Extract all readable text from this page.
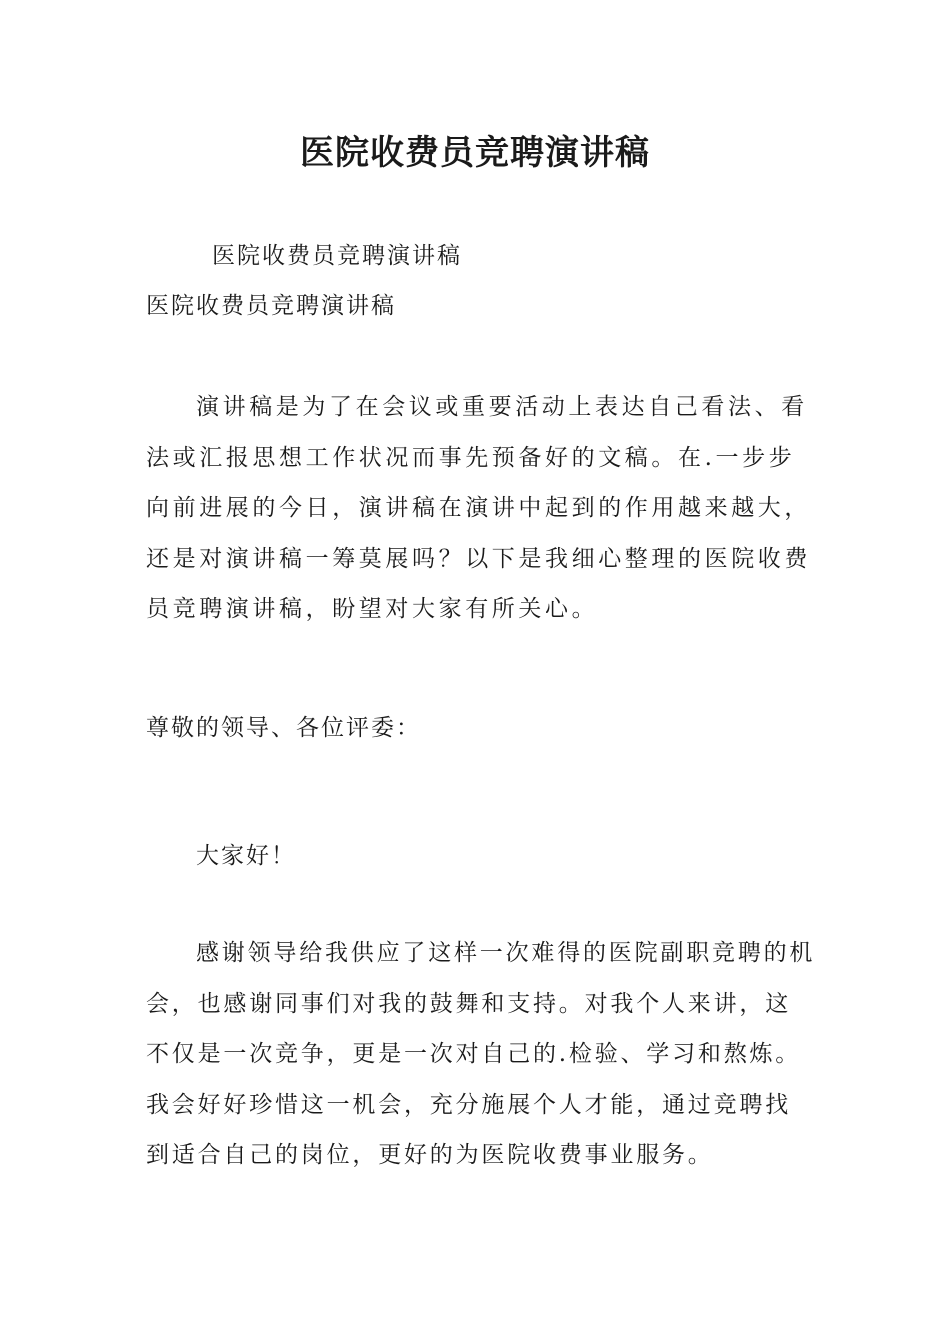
医院收费员竞聘演讲稿
医院收费员竞聘演讲稿
医院收费员竞聘演讲稿

演讲稿是为了在会议或重要活动上表达自己看法、看法或汇报思想工作状况而事先预备好的文稿。在.一步步向前进展的今日，演讲稿在演讲中起到的作用越来越大，还是对演讲稿一筹莫展吗？以下是我细心整理的医院收费员竞聘演讲稿，盼望对大家有所关心。

尊敬的领导、各位评委：
大家好！

感谢领导给我供应了这样一次难得的医院副职竞聘的机会，也感谢同事们对我的鼓舞和支持。对我个人来讲，这不仅是一次竞争，更是一次对自己的.检验、学习和熬炼。我会好好珍惜这一机会，充分施展个人才能，通过竞聘找到适合自己的岗位，更好的为医院收费事业服务。
